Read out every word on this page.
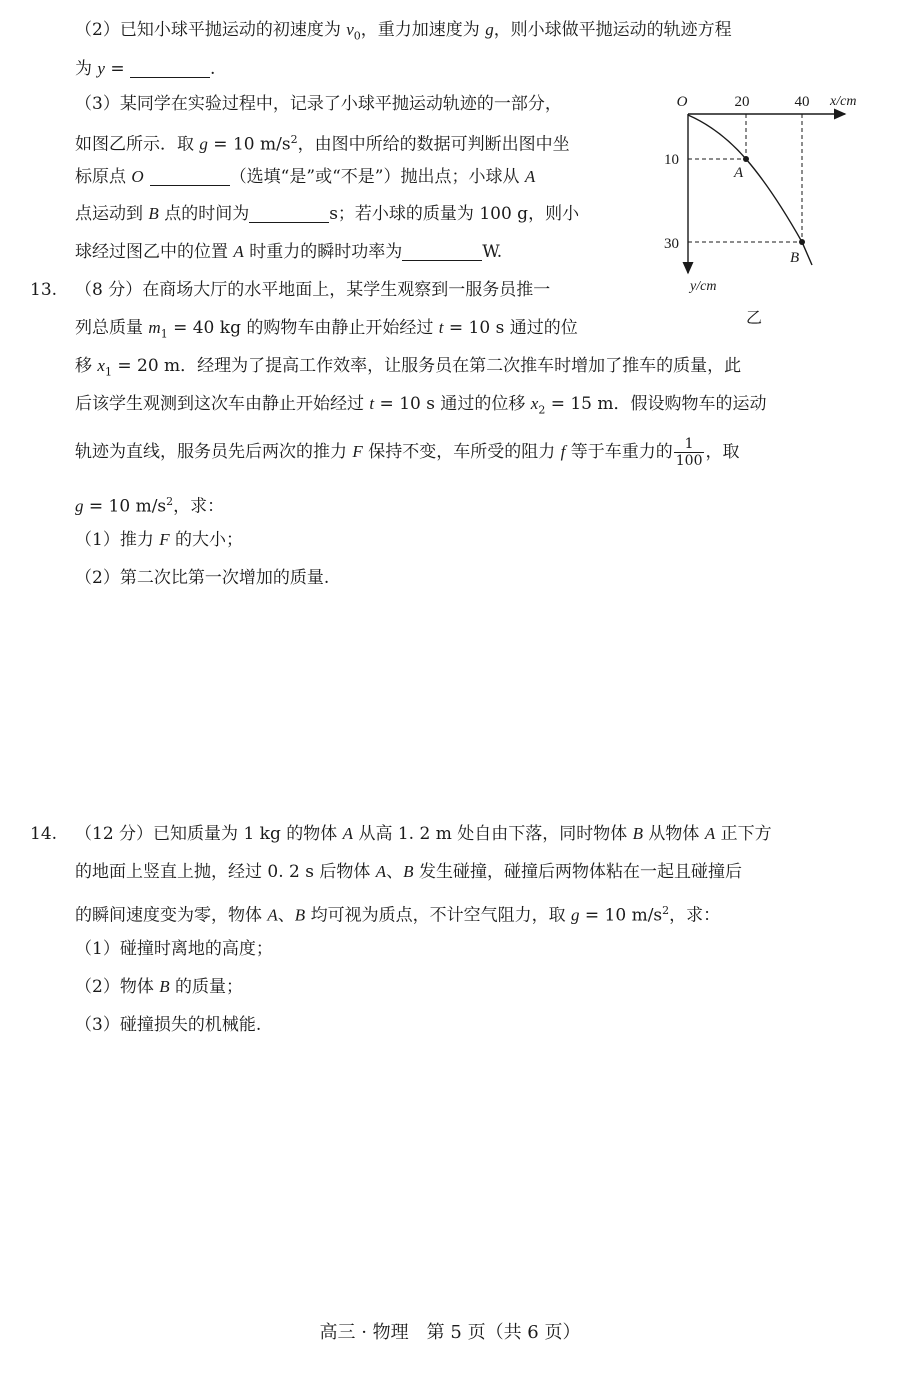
（2）已知小球平抛运动的初速度为 $v_0$，重力加速度为 g，则小球做平抛运动的轨迹方程
为 y =	.
（3）某同学在实验过程中，记录了小球平抛运动轨迹的一部分，
如图乙所示．取 g = 10 $m/s^2$，由图中所给的数据可判断出图中坐
标原点 O	（选填“是”或“不是”）抛出点；小球从 A
点运动到 B 点的时间为	s；若小球的质量为 100 g，则小
球经过图乙中的位置 A 时重力的瞬时功率为	W.
O	20	40 x/cm
10
30
y/cm
A
B
乙
13. （8 分）在商场大厅的水平地面上，某学生观察到一服务员推一
列总质量 $m_1 = 40$ kg 的购物车由静止开始经过 t = 10 s 通过的位
移 $x_1 = 20$ m．经理为了提高工作效率，让服务员在第二次推车时增加了推车的质量，此
后该学生观测到这次车由静止开始经过 t = 10 s 通过的位移 $x_2 = 15$ m．假设购物车的运动
轨迹为直线，服务员先后两次的推力 F 保持不变，车所受的阻力 f 等于车重力的 $\frac{1}{100}$ ，取
g = 10 $m/s^2$，求：
（1）推力 F 的大小；
（2）第二次比第一次增加的质量.
14. （12 分）已知质量为 1 kg 的物体 A 从高 1. 2 m 处自由下落，同时物体 B 从物体 A 正下方
的地面上竖直上抛，经过 0. 2 s 后物体 A、B 发生碰撞，碰撞后两物体粘在一起且碰撞后
的瞬间速度变为零，物体 A、B 均可视为质点，不计空气阻力，取 g = 10 $m/s^2$，求：
（1）碰撞时离地的高度；
（2）物体 B 的质量；
（3）碰撞损失的机械能.
高三 · 物理　第 5 页（共 6 页）
